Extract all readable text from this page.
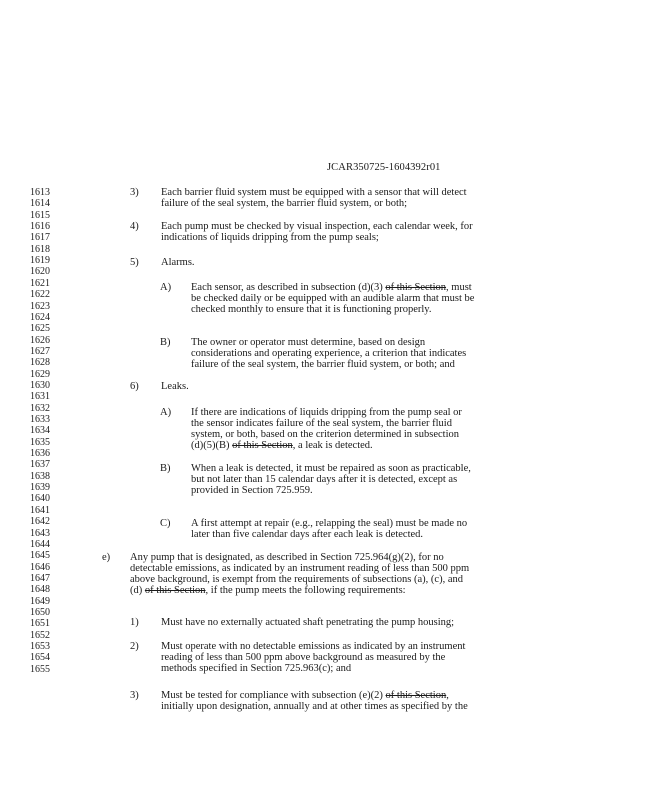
JCAR350725-1604392r01
1613
1614
1615
1616
1617
1618
1619
1620
1621
1622
1623
1624
1625
1626
1627
1628
1629
1630
1631
1632
1633
1634
1635
1636
1637
1638
1639
1640
1641
1642
1643
1644
1645
1646
1647
1648
1649
1650
1651
1652
1653
1654
1655
3) Each barrier fluid system must be equipped with a sensor that will detect
failure of the seal system, the barrier fluid system, or both;
4) Each pump must be checked by visual inspection, each calendar week, for
indications of liquids dripping from the pump seals;
5) Alarms.
A) Each sensor, as described in subsection (d)(3) of this Section, must
be checked daily or be equipped with an audible alarm that must be
checked monthly to ensure that it is functioning properly.
B) The owner or operator must determine, based on design
considerations and operating experience, a criterion that indicates
failure of the seal system, the barrier fluid system, or both; and
6) Leaks.
A) If there are indications of liquids dripping from the pump seal or
the sensor indicates failure of the seal system, the barrier fluid
system, or both, based on the criterion determined in subsection
(d)(5)(B) of this Section, a leak is detected.
B) When a leak is detected, it must be repaired as soon as practicable,
but not later than 15 calendar days after it is detected, except as
provided in Section 725.959.
C) A first attempt at repair (e.g., relapping the seal) must be made no
later than five calendar days after each leak is detected.
e) Any pump that is designated, as described in Section 725.964(g)(2), for no
detectable emissions, as indicated by an instrument reading of less than 500 ppm
above background, is exempt from the requirements of subsections (a), (c), and
(d) of this Section, if the pump meets the following requirements:
1) Must have no externally actuated shaft penetrating the pump housing;
2) Must operate with no detectable emissions as indicated by an instrument
reading of less than 500 ppm above background as measured by the
methods specified in Section 725.963(c); and
3) Must be tested for compliance with subsection (e)(2) of this Section,
initially upon designation, annually and at other times as specified by the
